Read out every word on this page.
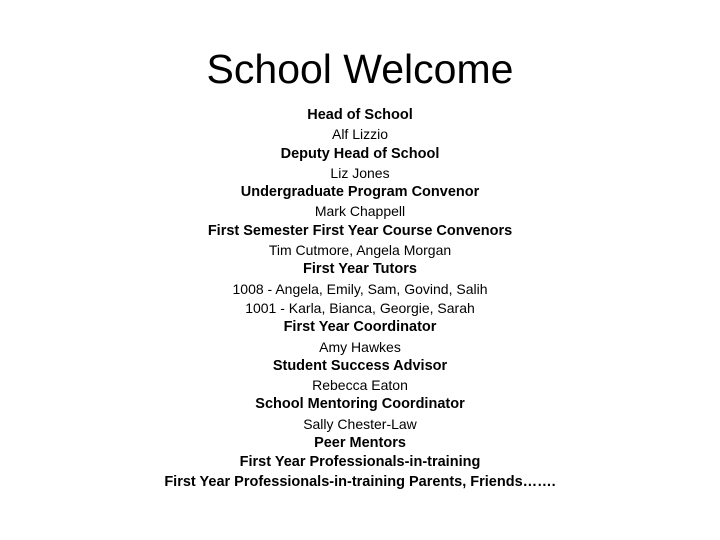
School Welcome
Head of School
Alf Lizzio
Deputy Head of School
Liz Jones
Undergraduate Program Convenor
Mark Chappell
First Semester First Year Course Convenors
Tim Cutmore, Angela Morgan
First Year Tutors
1008 - Angela, Emily, Sam, Govind, Salih
1001 - Karla, Bianca, Georgie, Sarah
First Year Coordinator
Amy Hawkes
Student Success Advisor
Rebecca Eaton
School Mentoring Coordinator
Sally Chester-Law
Peer Mentors
First Year Professionals-in-training
First Year Professionals-in-training Parents, Friends…….
